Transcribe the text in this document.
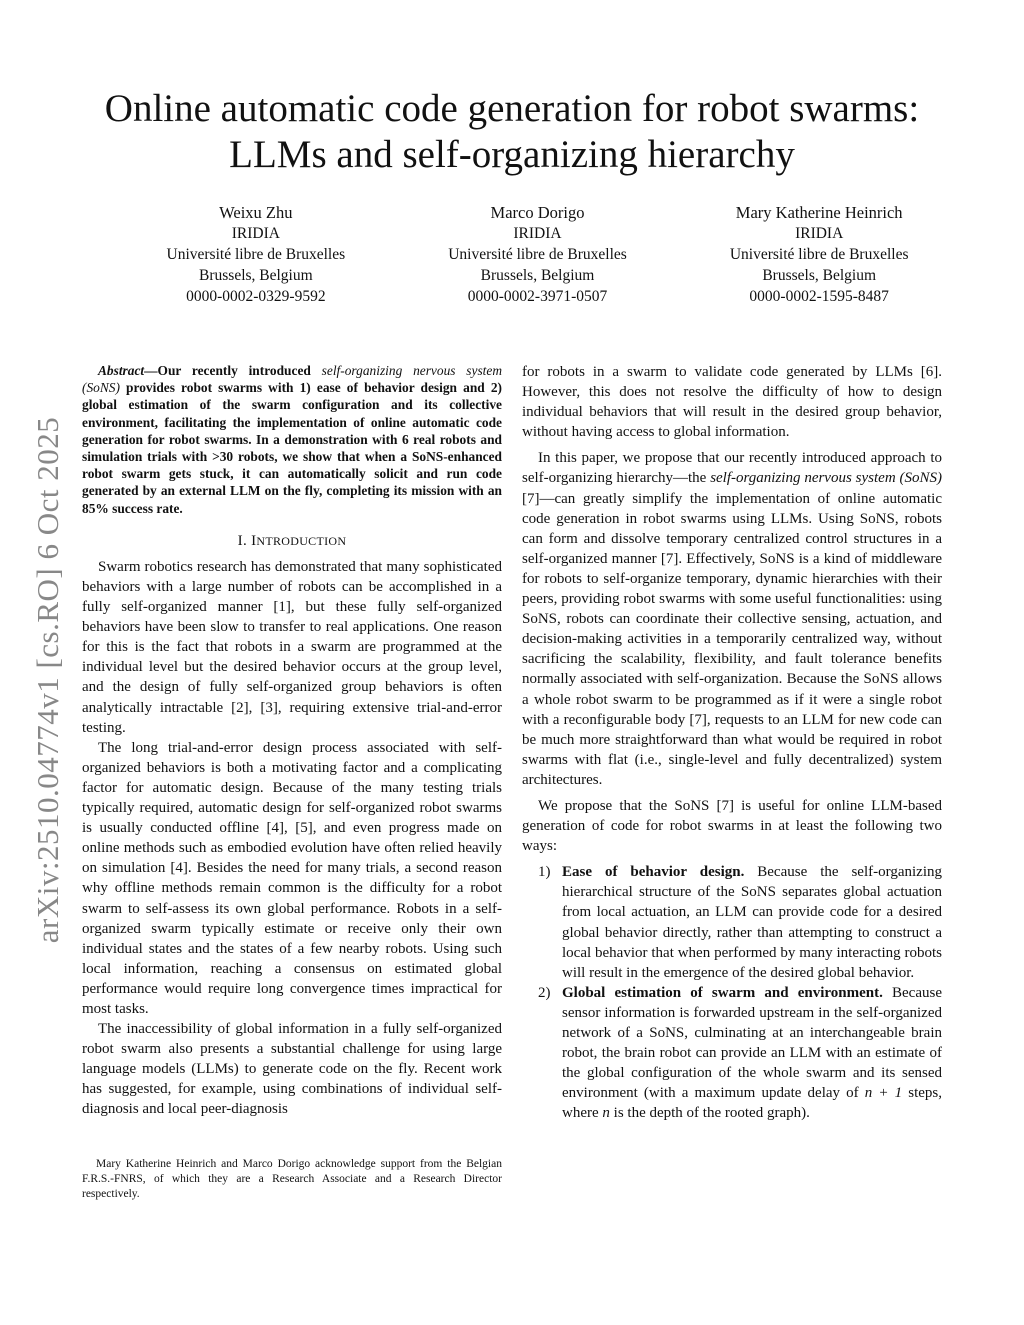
arXiv:2510.04774v1 [cs.RO] 6 Oct 2025
Online automatic code generation for robot swarms:
LLMs and self-organizing hierarchy
Weixu Zhu
IRIDIA
Université libre de Bruxelles
Brussels, Belgium
0000-0002-0329-9592
Marco Dorigo
IRIDIA
Université libre de Bruxelles
Brussels, Belgium
0000-0002-3971-0507
Mary Katherine Heinrich
IRIDIA
Université libre de Bruxelles
Brussels, Belgium
0000-0002-1595-8487

Abstract—Our recently introduced self-organizing nervous system (SoNS) provides robot swarms with 1) ease of behavior design and 2) global estimation of the swarm configuration and its collective environment, facilitating the implementation of online automatic code generation for robot swarms. In a demonstration with 6 real robots and simulation trials with >30 robots, we show that when a SoNS-enhanced robot swarm gets stuck, it can automatically solicit and run code generated by an external LLM on the fly, completing its mission with an 85% success rate.

I. INTRODUCTION

Swarm robotics research has demonstrated that many sophisticated behaviors with a large number of robots can be accomplished in a fully self-organized manner [1], but these fully self-organized behaviors have been slow to transfer to real applications. One reason for this is the fact that robots in a swarm are programmed at the individual level but the desired behavior occurs at the group level, and the design of fully self-organized group behaviors is often analytically intractable [2], [3], requiring extensive trial-and-error testing.

The long trial-and-error design process associated with self-organized behaviors is both a motivating factor and a complicating factor for automatic design. Because of the many testing trials typically required, automatic design for self-organized robot swarms is usually conducted offline [4], [5], and even progress made on online methods such as embodied evolution have often relied heavily on simulation [4]. Besides the need for many trials, a second reason why offline methods remain common is the difficulty for a robot swarm to self-assess its own global performance. Robots in a self-organized swarm typically estimate or receive only their own individual states and the states of a few nearby robots. Using such local information, reaching a consensus on estimated global performance would require long convergence times impractical for most tasks.

The inaccessibility of global information in a fully self-organized robot swarm also presents a substantial challenge for using large language models (LLMs) to generate code on the fly. Recent work has suggested, for example, using combinations of individual self-diagnosis and local peer-diagnosis

Mary Katherine Heinrich and Marco Dorigo acknowledge support from the Belgian F.R.S.-FNRS, of which they are a Research Associate and a Research Director respectively.

for robots in a swarm to validate code generated by LLMs [6]. However, this does not resolve the difficulty of how to design individual behaviors that will result in the desired group behavior, without having access to global information.

In this paper, we propose that our recently introduced approach to self-organizing hierarchy—the self-organizing nervous system (SoNS) [7]—can greatly simplify the implementation of online automatic code generation in robot swarms using LLMs. Using SoNS, robots can form and dissolve temporary centralized control structures in a self-organized manner [7]. Effectively, SoNS is a kind of middleware for robots to self-organize temporary, dynamic hierarchies with their peers, providing robot swarms with some useful functionalities: using SoNS, robots can coordinate their collective sensing, actuation, and decision-making activities in a temporarily centralized way, without sacrificing the scalability, flexibility, and fault tolerance benefits normally associated with self-organization. Because the SoNS allows a whole robot swarm to be programmed as if it were a single robot with a reconfigurable body [7], requests to an LLM for new code can be much more straightforward than what would be required in robot swarms with flat (i.e., single-level and fully decentralized) system architectures.

We propose that the SoNS [7] is useful for online LLM-based generation of code for robot swarms in at least the following two ways:

1) Ease of behavior design. Because the self-organizing hierarchical structure of the SoNS separates global actuation from local actuation, an LLM can provide code for a desired global behavior directly, rather than attempting to construct a local behavior that when performed by many interacting robots will result in the emergence of the desired global behavior.
2) Global estimation of swarm and environment. Because sensor information is forwarded upstream in the self-organized network of a SoNS, culminating at an interchangeable brain robot, the brain robot can provide an LLM with an estimate of the global configuration of the whole swarm and its sensed environment (with a maximum update delay of n + 1 steps, where n is the depth of the rooted graph).
